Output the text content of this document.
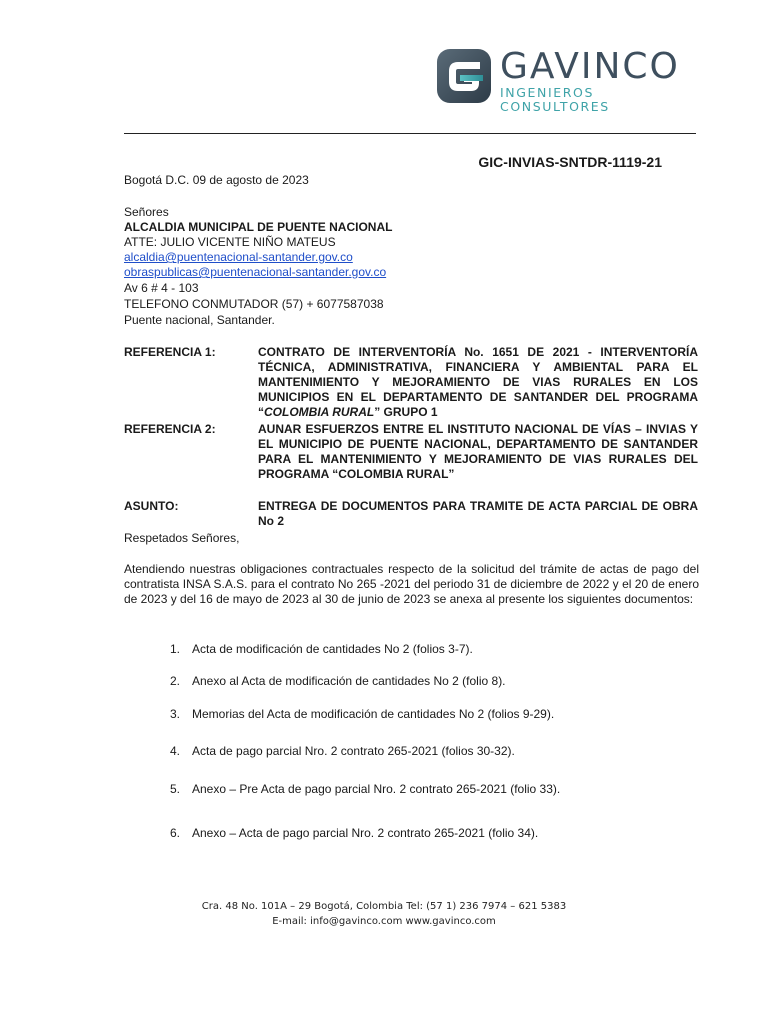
GAVINCO
INGENIEROS CONSULTORES
GIC-INVIAS-SNTDR-1119-21
Bogotá D.C. 09 de agosto de 2023
Señores
ALCALDIA MUNICIPAL DE PUENTE NACIONAL
ATTE: JULIO VICENTE NIÑO MATEUS
alcaldia@puentenacional-santander.gov.co
obraspublicas@puentenacional-santander.gov.co
Av 6 # 4 - 103
TELEFONO CONMUTADOR (57) + 6077587038
Puente nacional, Santander.
REFERENCIA 1:	CONTRATO DE INTERVENTORÍA No. 1651 DE 2021 - INTERVENTORÍA TÉCNICA, ADMINISTRATIVA, FINANCIERA Y AMBIENTAL PARA EL MANTENIMIENTO Y MEJORAMIENTO DE VIAS RURALES EN LOS MUNICIPIOS EN EL DEPARTAMENTO DE SANTANDER DEL PROGRAMA “COLOMBIA RURAL” GRUPO 1
REFERENCIA 2:	AUNAR ESFUERZOS ENTRE EL INSTITUTO NACIONAL DE VÍAS – INVIAS Y EL MUNICIPIO DE PUENTE NACIONAL, DEPARTAMENTO DE SANTANDER PARA EL MANTENIMIENTO Y MEJORAMIENTO DE VIAS RURALES DEL PROGRAMA “COLOMBIA RURAL”
ASUNTO:	ENTREGA DE DOCUMENTOS PARA TRAMITE DE ACTA PARCIAL DE OBRA No 2
Respetados Señores,
Atendiendo nuestras obligaciones contractuales respecto de la solicitud del trámite de actas de pago del contratista INSA S.A.S. para el contrato No 265 -2021 del periodo 31 de diciembre de 2022 y el 20 de enero de 2023 y del 16 de mayo de 2023 al 30 de junio de 2023 se anexa al presente los siguientes documentos:
1. Acta de modificación de cantidades No 2 (folios 3-7).
2. Anexo al Acta de modificación de cantidades No 2 (folio 8).
3. Memorias del Acta de modificación de cantidades No 2 (folios 9-29).
4. Acta de pago parcial Nro. 2 contrato 265-2021 (folios 30-32).
5. Anexo – Pre Acta de pago parcial Nro. 2 contrato 265-2021 (folio 33).
6. Anexo – Acta de pago parcial Nro. 2 contrato 265-2021 (folio 34).
Cra. 48 No. 101A – 29 Bogotá, Colombia Tel: (57 1) 236 7974 – 621 5383
E-mail: info@gavinco.com www.gavinco.com
